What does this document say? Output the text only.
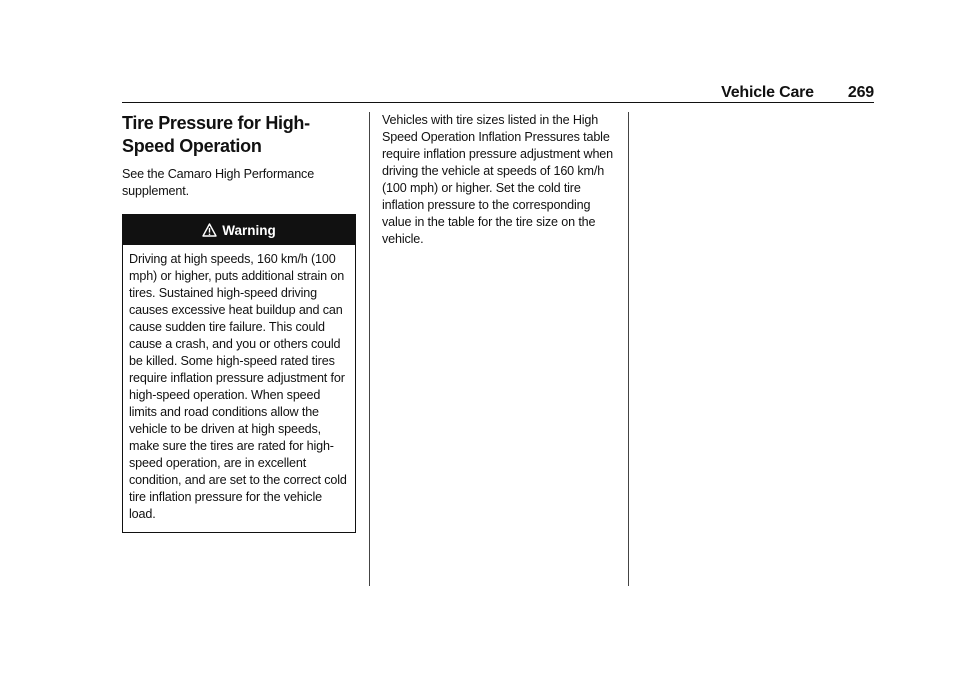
Vehicle Care 269
Tire Pressure for High-Speed Operation

See the Camaro High Performance supplement.

Warning

Driving at high speeds, 160 km/h (100 mph) or higher, puts additional strain on tires. Sustained high-speed driving causes excessive heat buildup and can cause sudden tire failure. This could cause a crash, and you or others could be killed. Some high-speed rated tires require inflation pressure adjustment for high-speed operation. When speed limits and road conditions allow the vehicle to be driven at high speeds, make sure the tires are rated for high-speed operation, are in excellent condition, and are set to the correct cold tire inflation pressure for the vehicle load.

Vehicles with tire sizes listed in the High Speed Operation Inflation Pressures table require inflation pressure adjustment when driving the vehicle at speeds of 160 km/h (100 mph) or higher. Set the cold tire inflation pressure to the corresponding value in the table for the tire size on the vehicle.
